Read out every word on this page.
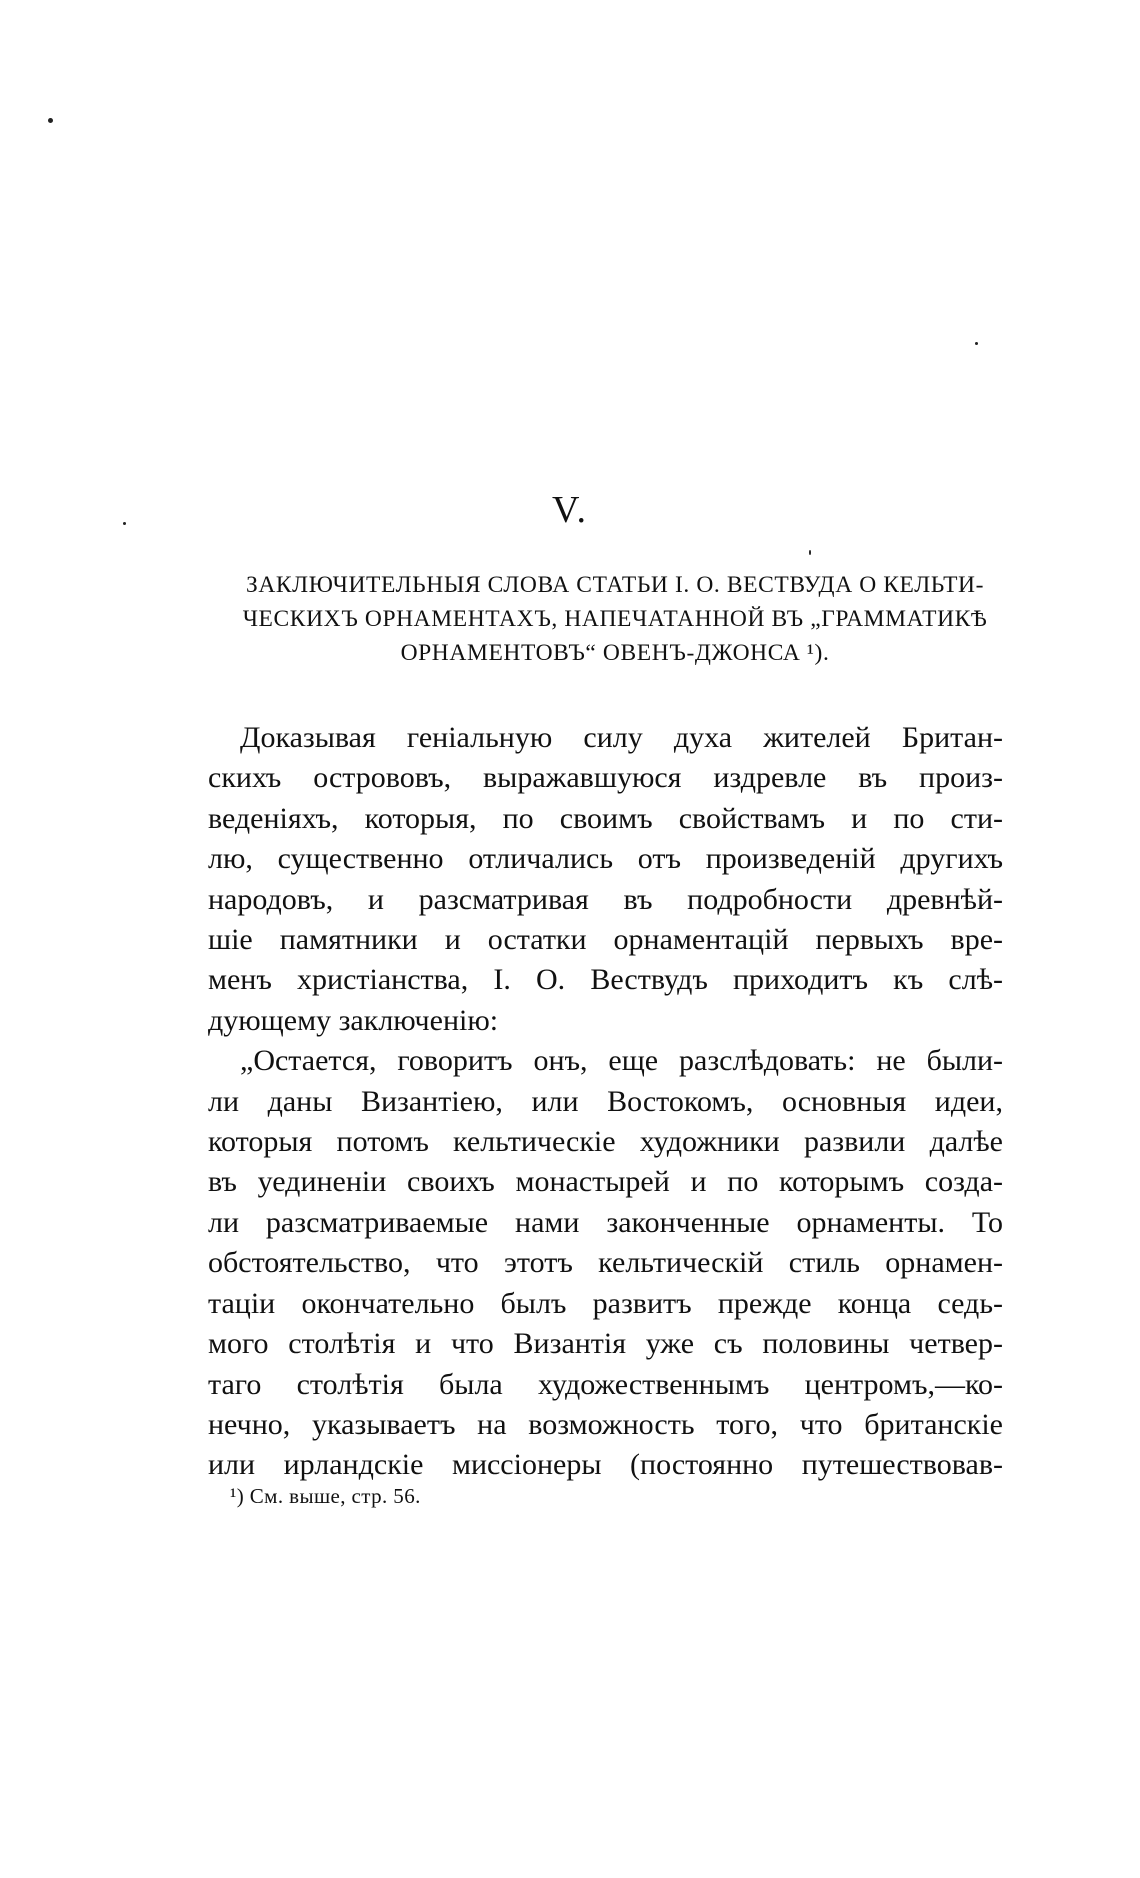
V.
ЗАКЛЮЧИТЕЛЬНЫЯ СЛОВА СТАТЬИ I. О. ВЕСТВУДА О КЕЛЬТИ-
ЧЕСКИХЪ ОРНАМЕНТАХЪ, НАПЕЧАТАННОЙ ВЪ „ГРАММАТИКѢ
ОРНАМЕНТОВЪ“ ОВЕНЪ-ДЖОНСА ¹).
Доказывая геніальную силу духа жителей Британ-
скихъ острововъ, выражавшуюся издревле въ произ-
веденіяхъ, которыя, по своимъ свойствамъ и по сти-
лю, существенно отличались отъ произведеній другихъ
народовъ, и разсматривая въ подробности древнѣй-
шіе памятники и остатки орнаментацій первыхъ вре-
менъ христіанства, I. О. Вествудъ приходитъ къ слѣ-
дующему заключенію:
„Остается, говоритъ онъ, еще разслѣдовать: не были-
ли даны Византіею, или Востокомъ, основныя идеи,
которыя потомъ кельтическіе художники развили далѣе
въ уединеніи своихъ монастырей и по которымъ созда-
ли разсматриваемые нами законченные орнаменты. То
обстоятельство, что этотъ кельтическій стиль орнамен-
таціи окончательно былъ развитъ прежде конца седь-
мого столѣтія и что Византія уже съ половины четвер-
таго столѣтія была художественнымъ центромъ,—ко-
нечно, указываетъ на возможность того, что британскіе
или ирландскіе миссіонеры (постоянно путешествовав-
¹) См. выше, стр. 56.
